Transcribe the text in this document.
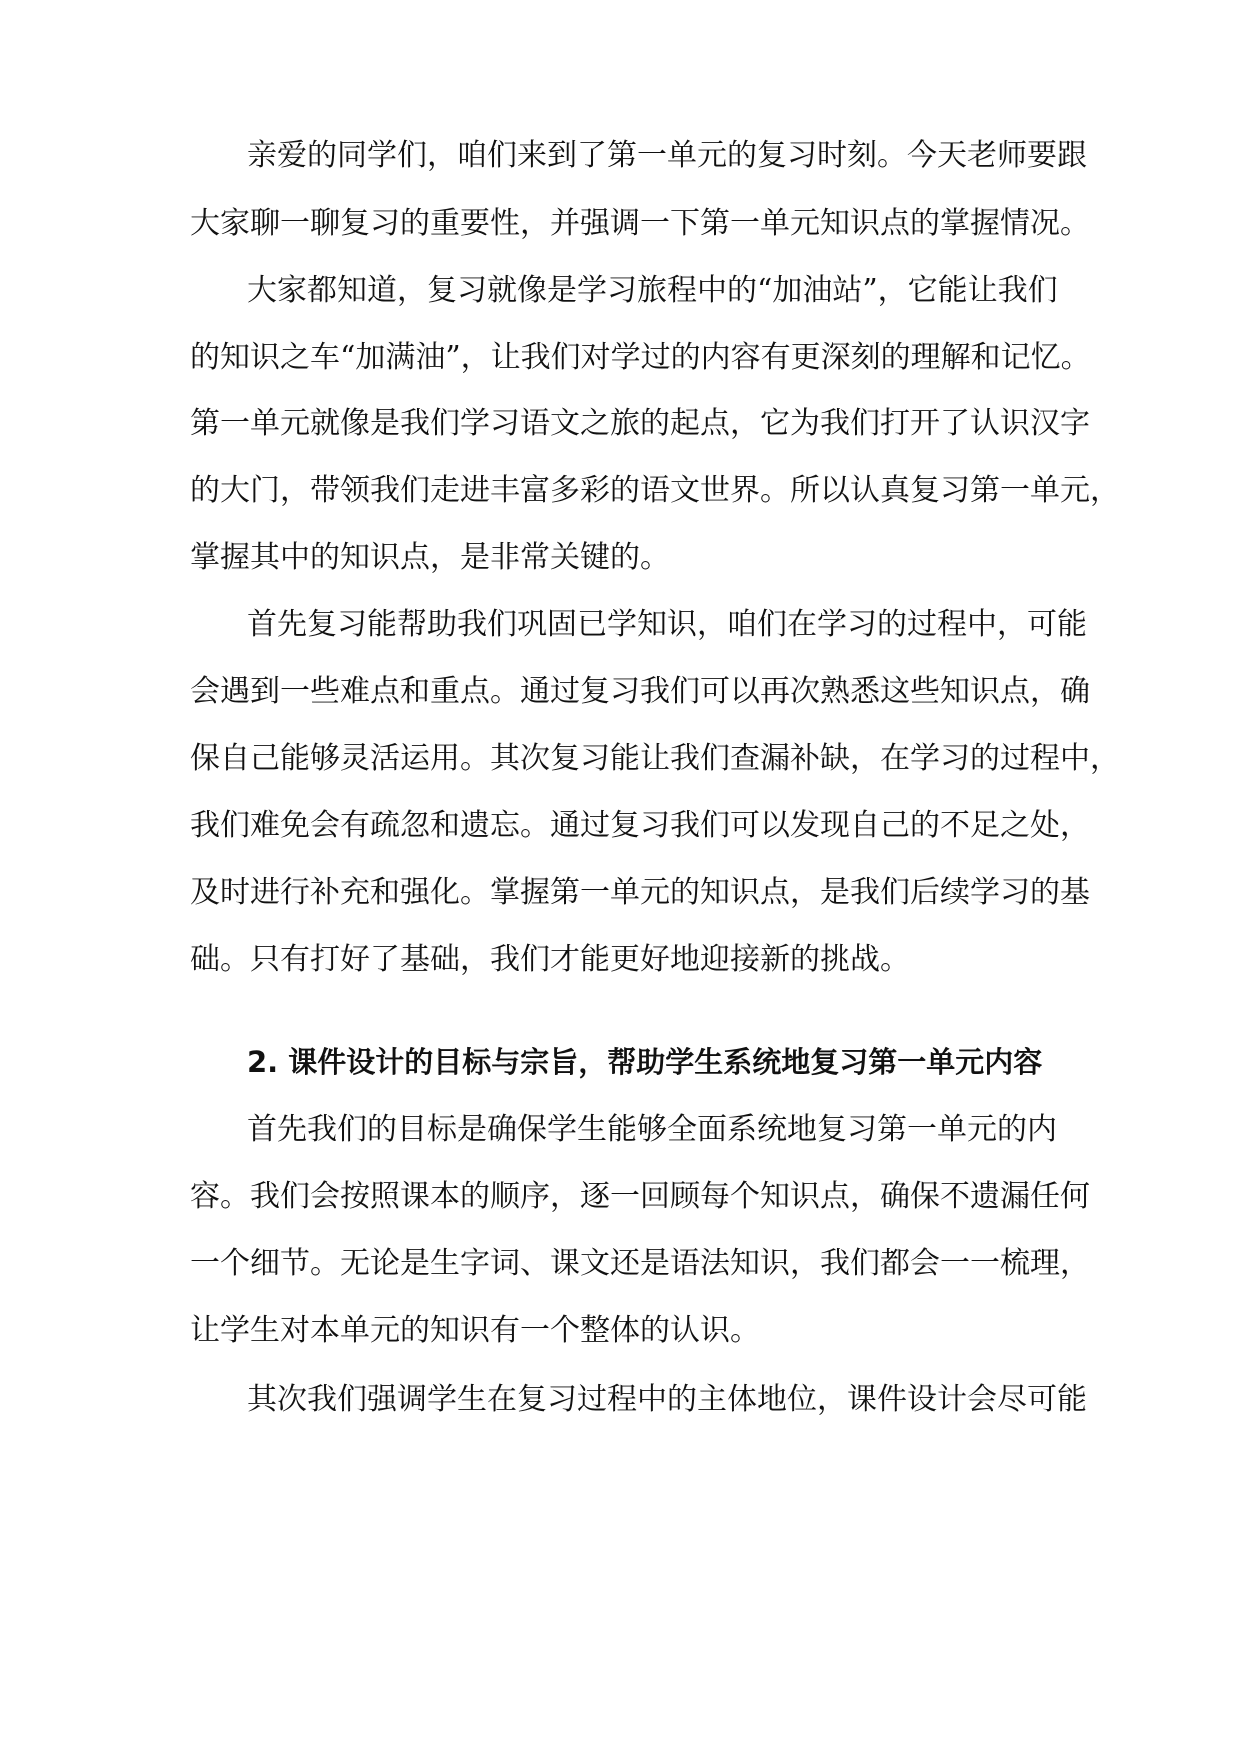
亲爱的同学们，咱们来到了第一单元的复习时刻。今天老师要跟
大家聊一聊复习的重要性，并强调一下第一单元知识点的掌握情况。
大家都知道，复习就像是学习旅程中的“加油站”，它能让我们
的知识之车“加满油”，让我们对学过的内容有更深刻的理解和记忆。
第一单元就像是我们学习语文之旅的起点，它为我们打开了认识汉字
的大门，带领我们走进丰富多彩的语文世界。所以认真复习第一单元，
掌握其中的知识点，是非常关键的。
首先复习能帮助我们巩固已学知识，咱们在学习的过程中，可能
会遇到一些难点和重点。通过复习我们可以再次熟悉这些知识点，确
保自己能够灵活运用。其次复习能让我们查漏补缺，在学习的过程中，
我们难免会有疏忽和遗忘。通过复习我们可以发现自己的不足之处，
及时进行补充和强化。掌握第一单元的知识点，是我们后续学习的基
础。只有打好了基础，我们才能更好地迎接新的挑战。
2. 课件设计的目标与宗旨，帮助学生系统地复习第一单元内容
首先我们的目标是确保学生能够全面系统地复习第一单元的内
容。我们会按照课本的顺序，逐一回顾每个知识点，确保不遗漏任何
一个细节。无论是生字词、课文还是语法知识，我们都会一一梳理，
让学生对本单元的知识有一个整体的认识。
其次我们强调学生在复习过程中的主体地位，课件设计会尽可能
